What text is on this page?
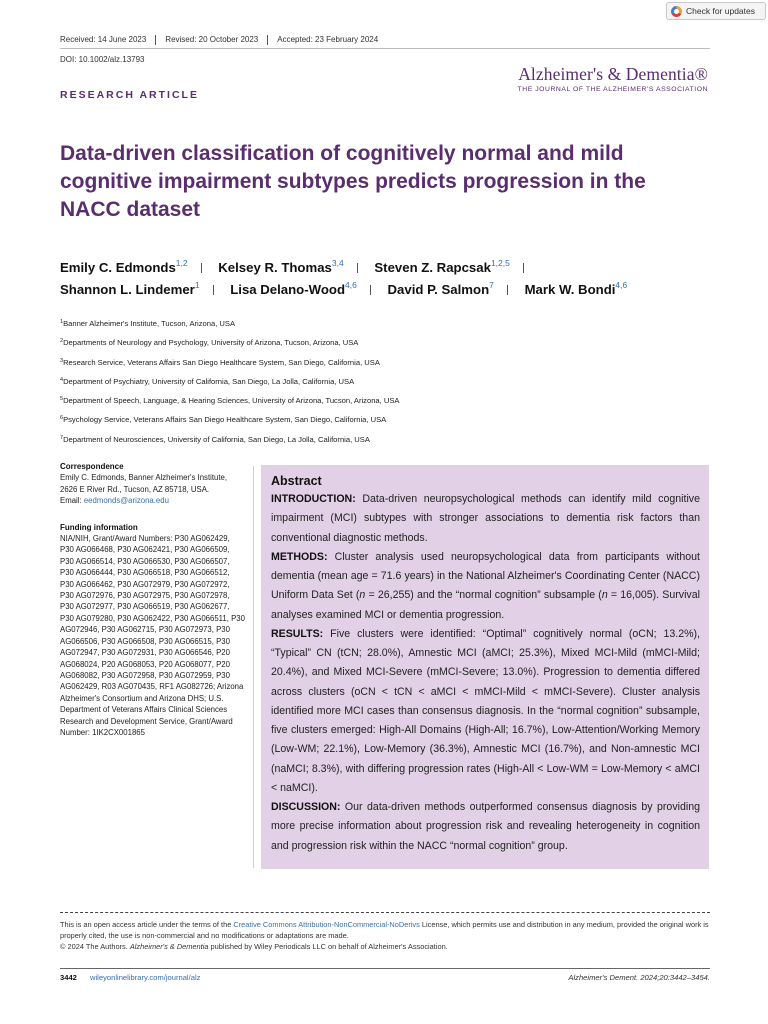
Check for updates
Received: 14 June 2023	Revised: 20 October 2023	Accepted: 23 February 2024
DOI: 10.1002/alz.13793
Alzheimer's & Dementia®
THE JOURNAL OF THE ALZHEIMER'S ASSOCIATION
RESEARCH ARTICLE
Data-driven classification of cognitively normal and mild cognitive impairment subtypes predicts progression in the NACC dataset
Emily C. Edmonds$^{1,2}$ Kelsey R. Thomas$^{3,4}$ Steven Z. Rapcsak$^{1,2,5}$
Shannon L. Lindemer$^1$ Lisa Delano-Wood$^{4,6}$ David P. Salmon$^7$ Mark W. Bondi$^{4,6}$
$^1$Banner Alzheimer's Institute, Tucson, Arizona, USA
$^2$Departments of Neurology and Psychology, University of Arizona, Tucson, Arizona, USA
$^3$Research Service, Veterans Affairs San Diego Healthcare System, San Diego, California, USA
$^4$Department of Psychiatry, University of California, San Diego, La Jolla, California, USA
$^5$Department of Speech, Language, & Hearing Sciences, University of Arizona, Tucson, Arizona, USA
$^6$Psychology Service, Veterans Affairs San Diego Healthcare System, San Diego, California, USA
$^7$Department of Neurosciences, University of California, San Diego, La Jolla, California, USA
Correspondence
Emily C. Edmonds, Banner Alzheimer's Institute, 2626 E River Rd., Tucson, AZ 85718, USA.
Email: eedmonds@arizona.edu
Funding information
NIA/NIH, Grant/Award Numbers: P30 AG062429, P30 AG066468, P30 AG062421, P30 AG066509, P30 AG066514, P30 AG066530, P30 AG066507, P30 AG066444, P30 AG066518, P30 AG066512, P30 AG066462, P30 AG072979, P30 AG072972, P30 AG072976, P30 AG072975, P30 AG072978, P30 AG072977, P30 AG066519, P30 AG062677, P30 AG079280, P30 AG062422, P30 AG066511, P30 AG072946, P30 AG062715, P30 AG072973, P30 AG066506, P30 AG066508, P30 AG066515, P30 AG072947, P30 AG072931, P30 AG066546, P20 AG068024, P20 AG068053, P20 AG068077, P20 AG068082, P30 AG072958, P30 AG072959, P30 AG062429, R03 AG070435, RF1 AG082726; Arizona Alzheimer's Consortium and Arizona DHS; U.S. Department of Veterans Affairs Clinical Sciences Research and Development Service, Grant/Award Number: 1IK2CX001865
Abstract

INTRODUCTION: Data-driven neuropsychological methods can identify mild cognitive impairment (MCI) subtypes with stronger associations to dementia risk factors than conventional diagnostic methods.

METHODS: Cluster analysis used neuropsychological data from participants without dementia (mean age = 71.6 years) in the National Alzheimer's Coordinating Center (NACC) Uniform Data Set (n = 26,255) and the “normal cognition” subsample (n = 16,005). Survival analyses examined MCI or dementia progression.

RESULTS: Five clusters were identified: “Optimal” cognitively normal (oCN; 13.2%), “Typical” CN (tCN; 28.0%), Amnestic MCI (aMCI; 25.3%), Mixed MCI-Mild (mMCI-Mild; 20.4%), and Mixed MCI-Severe (mMCI-Severe; 13.0%). Progression to dementia differed across clusters (oCN < tCN < aMCI < mMCI-Mild < mMCI-Severe). Cluster analysis identified more MCI cases than consensus diagnosis. In the “normal cognition” subsample, five clusters emerged: High-All Domains (High-All; 16.7%), Low-Attention/Working Memory (Low-WM; 22.1%), Low-Memory (36.3%), Amnestic MCI (16.7%), and Non-amnestic MCI (naMCI; 8.3%), with differing progression rates (High-All < Low-WM = Low-Memory < aMCI < naMCI).

DISCUSSION: Our data-driven methods outperformed consensus diagnosis by providing more precise information about progression risk and revealing heterogeneity in cognition and progression risk within the NACC “normal cognition” group.

This is an open access article under the terms of the Creative Commons Attribution-NonCommercial-NoDerivs License, which permits use and distribution in any medium, provided the original work is properly cited, the use is non-commercial and no modifications or adaptations are made.
© 2024 The Authors. Alzheimer's & Dementia published by Wiley Periodicals LLC on behalf of Alzheimer's Association.
3442	wileyonlinelibrary.com/journal/alz	Alzheimer's Dement. 2024;20:3442–3454.
